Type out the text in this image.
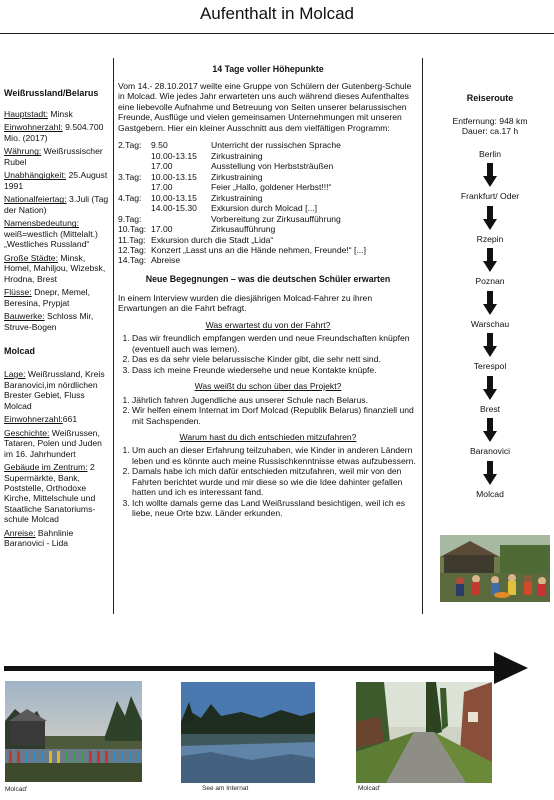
Aufenthalt in Molcad
Weißrussland/Belarus

Hauptstadt: Minsk

Einwohnerzahl: 9.504.700 Mio. (2017)

Währung: Weißrussischer Rubel

Unabhängigkeit: 25.August 1991

Nationalfeiertag: 3.Juli (Tag der Nation)

Namensbedeutung: weiß=westlich (Mittelalt.) „Westliches Russland“

Große Städte: Minsk, Homel, Mahiljou, Wizebsk, Hrodna, Brest

Flüsse: Dnepr, Memel, Beresina, Prypjat

Bauwerke: Schloss Mir, Struve-Bogen

Molcad

Lage: Weißrussland, Kreis Baranovici,im nördlichen Brester Gebiet, Fluss Molcad

Einwohnerzahl:661

Geschichte: Weißrussen, Tataren, Polen und Juden im 16. Jahrhundert

Gebäude im Zentrum: 2 Supermärkte, Bank, Poststelle, Orthodoxe Kirche, Mittelschule und Staatliche Sanatoriums-schule Molcad

Anreise: Bahnlinie Baranovici - Lida

14 Tage voller Höhepunkte
Vom 14.- 28.10.2017 weilte eine Gruppe von Schülern der Gutenberg-Schule in Molcad. Wie jedes Jahr erwarteten uns auch während dieses Aufenthaltes eine liebevolle Aufnahme und Betreuung von Seiten unserer belarussischen Freunde, Ausflüge und vielen gemeinsamen Unternehmungen mit unseren Gastgebern. Hier ein kleiner Ausschnitt aus dem vielfältigen Programm:
2.Tag:	9.50	Unterricht der russischen Sprache
10.00-13.15	Zirkustraining
17.00	Ausstellung von Herbststräußen
3.Tag:	10.00-13.15	Zirkustraining
17.00	Feier „Hallo, goldener Herbst!!!“
4.Tag:	10.00-13.15	Zirkustraining
14.00-15.30	Exkursion durch Molcad [...]
9.Tag:	Vorbereitung zur Zirkusaufführung
10.Tag: 17.00	Zirkusaufführung
11.Tag: Exkursion durch die Stadt „Lida“
12.Tag: Konzert „Lasst uns an die Hände nehmen, Freunde!“ [...]
14.Tag: Abreise
Neue Begegnungen – was die deutschen Schüler erwarten
In einem Interview wurden die diesjährigen Molcad-Fahrer zu ihren Erwartungen an die Fahrt befragt.
Was erwartest du von der Fahrt?
1. Das wir freundlich empfangen werden und neue Freundschaften knüpfen (eventuell auch was lernen).
2. Das es da sehr viele belarussische Kinder gibt, die sehr nett sind.
3. Dass ich meine Freunde wiedersehe und neue Kontakte knüpfe.
Was weißt du schon über das Projekt?
1. Jährlich fahren Jugendliche aus unserer Schule nach Belarus.
2. Wir helfen einem Internat im Dorf Molcad (Republik Belarus) finanziell und mit Sachspenden.
Warum hast du dich entschieden mitzufahren?
1. Um auch an dieser Erfahrung teilzuhaben, wie Kinder in anderen Ländern leben und es könnte auch meine Russischkenntnisse etwas aufzubessern.
2. Damals habe ich mich dafür entschieden mitzufahren, weil mir von den Fahrten berichtet wurde und mir diese so wie die Idee dahinter gefallen hatten und ich es interessant fand.
3. Ich wollte damals gerne das Land Weißrussland besichtigen, weil ich es liebe, neue Orte bzw. Länder erkunden.
Reiseroute
Entfernung: 948 km
Dauer: ca.17 h
Berlin
Frankfurt/ Oder
Rzepin
Poznan
Warschau
Terespol
Brest
Baranovici
Molcad
Molcad'	See am Internat	Molcad'
